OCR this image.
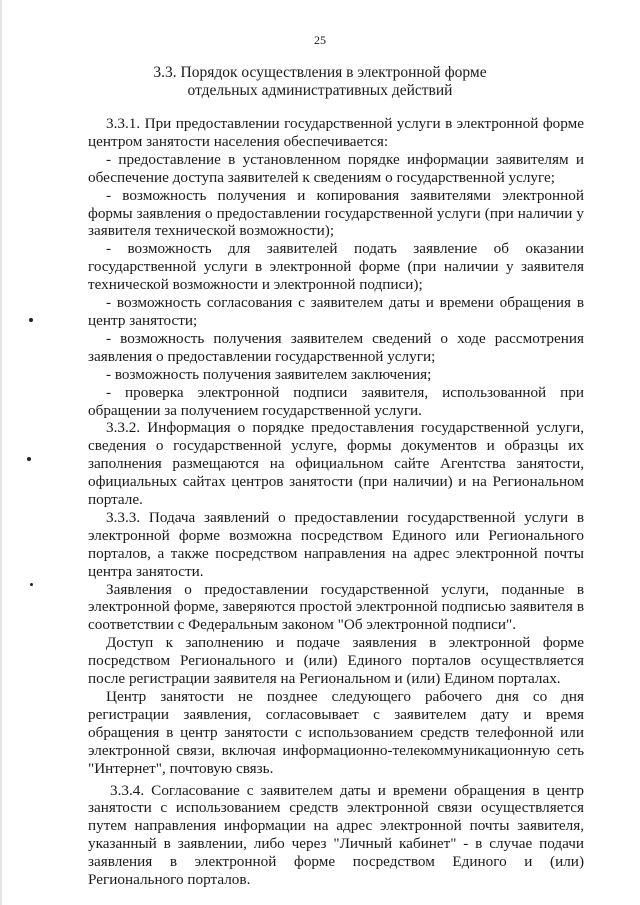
25
3.3. Порядок осуществления в электронной форме
отдельных административных действий

3.3.1. При предоставлении государственной услуги в электронной форме центром занятости населения обеспечивается:

- предоставление в установленном порядке информации заявителям и обеспечение доступа заявителей к сведениям о государственной услуге;

- возможность получения и копирования заявителями электронной формы заявления о предоставлении государственной услуги (при наличии у заявителя технической возможности);

- возможность для заявителей подать заявление об оказании государственной услуги в электронной форме (при наличии у заявителя технической возможности и электронной подписи);

- возможность согласования с заявителем даты и времени обращения в центр занятости;

- возможность получения заявителем сведений о ходе рассмотрения заявления о предоставлении государственной услуги;

- возможность получения заявителем заключения;

- проверка электронной подписи заявителя, использованной при обращении за получением государственной услуги.

3.3.2. Информация о порядке предоставления государственной услуги, сведения о государственной услуге, формы документов и образцы их заполнения размещаются на официальном сайте Агентства занятости, официальных сайтах центров занятости (при наличии) и на Региональном портале.

3.3.3. Подача заявлений о предоставлении государственной услуги в электронной форме возможна посредством Единого или Регионального порталов, а также посредством направления на адрес электронной почты центра занятости.

Заявления о предоставлении государственной услуги, поданные в электронной форме, заверяются простой электронной подписью заявителя в соответствии с Федеральным законом "Об электронной подписи".

Доступ к заполнению и подаче заявления в электронной форме посредством Регионального и (или) Единого порталов осуществляется после регистрации заявителя на Региональном и (или) Едином порталах.

Центр занятости не позднее следующего рабочего дня со дня регистрации заявления, согласовывает с заявителем дату и время обращения в центр занятости с использованием средств телефонной или электронной связи, включая информационно-телекоммуникационную сеть "Интернет", почтовую связь.

3.3.4. Согласование с заявителем даты и времени обращения в центр занятости с использованием средств электронной связи осуществляется путем направления информации на адрес электронной почты заявителя, указанный в заявлении, либо через "Личный кабинет" - в случае подачи заявления в электронной форме посредством Единого и (или) Регионального порталов.
